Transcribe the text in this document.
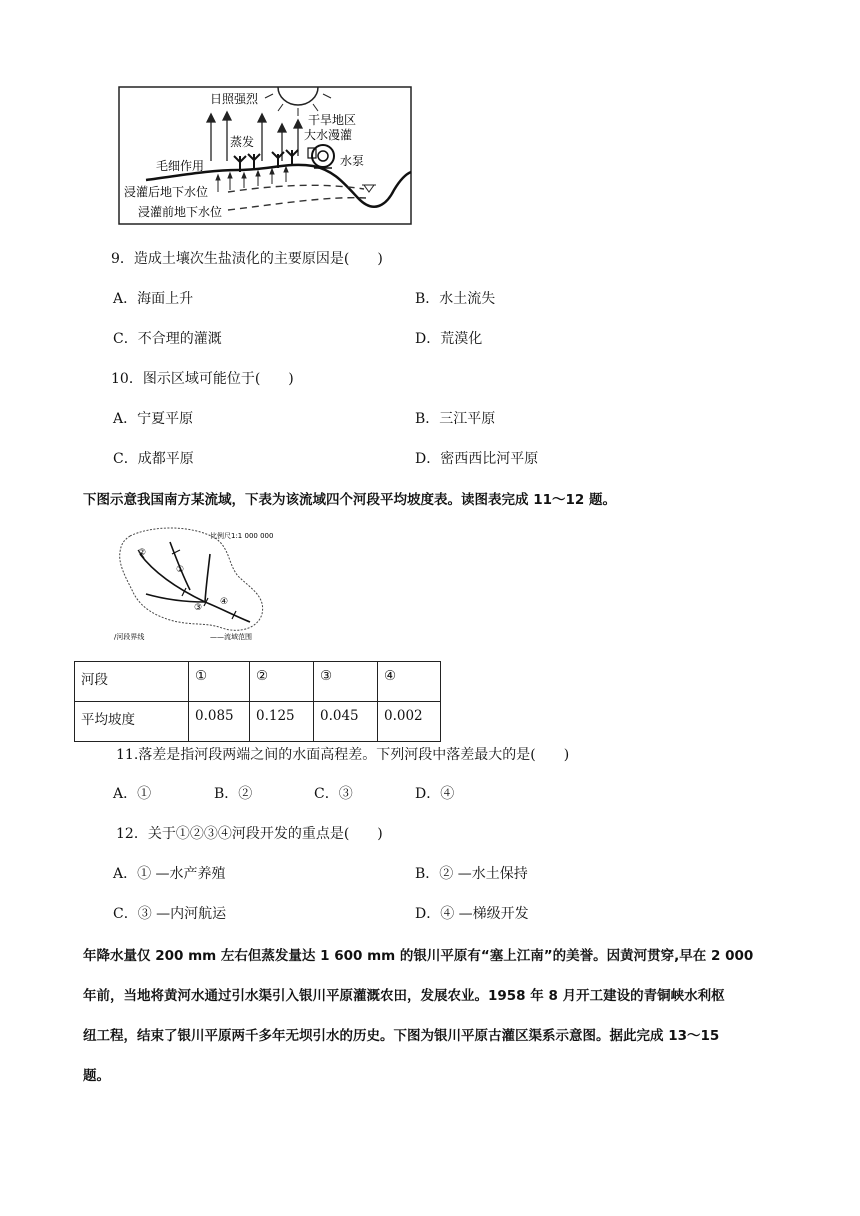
日照强烈
蒸发
干旱地区
大水漫灌
水泵
毛细作用
浸灌后地下水位
浸灌前地下水位
9．造成土壤次生盐渍化的主要原因是(　　)
A．海面上升	B．水土流失
C．不合理的灌溉	D．荒漠化
10．图示区域可能位于(　　)
A．宁夏平原	B．三江平原
C．成都平原	D．密西西比河平原
下图示意我国南方某流域，下表为该流域四个河段平均坡度表。读图表完成 11～12 题。
比例尺1:1 000 000
②
①
③
④
/河段界线	——流域范围
河段	①	②	③	④
平均坡度	0.085	0.125	0.045	0.002
11.落差是指河段两端之间的水面高程差。下列河段中落差最大的是(　　)
A．①	B．②	C．③	D．④
12．关于①②③④河段开发的重点是(　　)
A．① —水产养殖	B．② —水土保持
C．③ —内河航运	D．④ —梯级开发
年降水量仅 200 mm 左右但蒸发量达 1 600 mm 的银川平原有“塞上江南”的美誉。因黄河贯穿,早在 2 000
年前，当地将黄河水通过引水渠引入银川平原灌溉农田，发展农业。1958 年 8 月开工建设的青铜峡水利枢
纽工程，结束了银川平原两千多年无坝引水的历史。下图为银川平原古灌区渠系示意图。据此完成 13～15
题。
